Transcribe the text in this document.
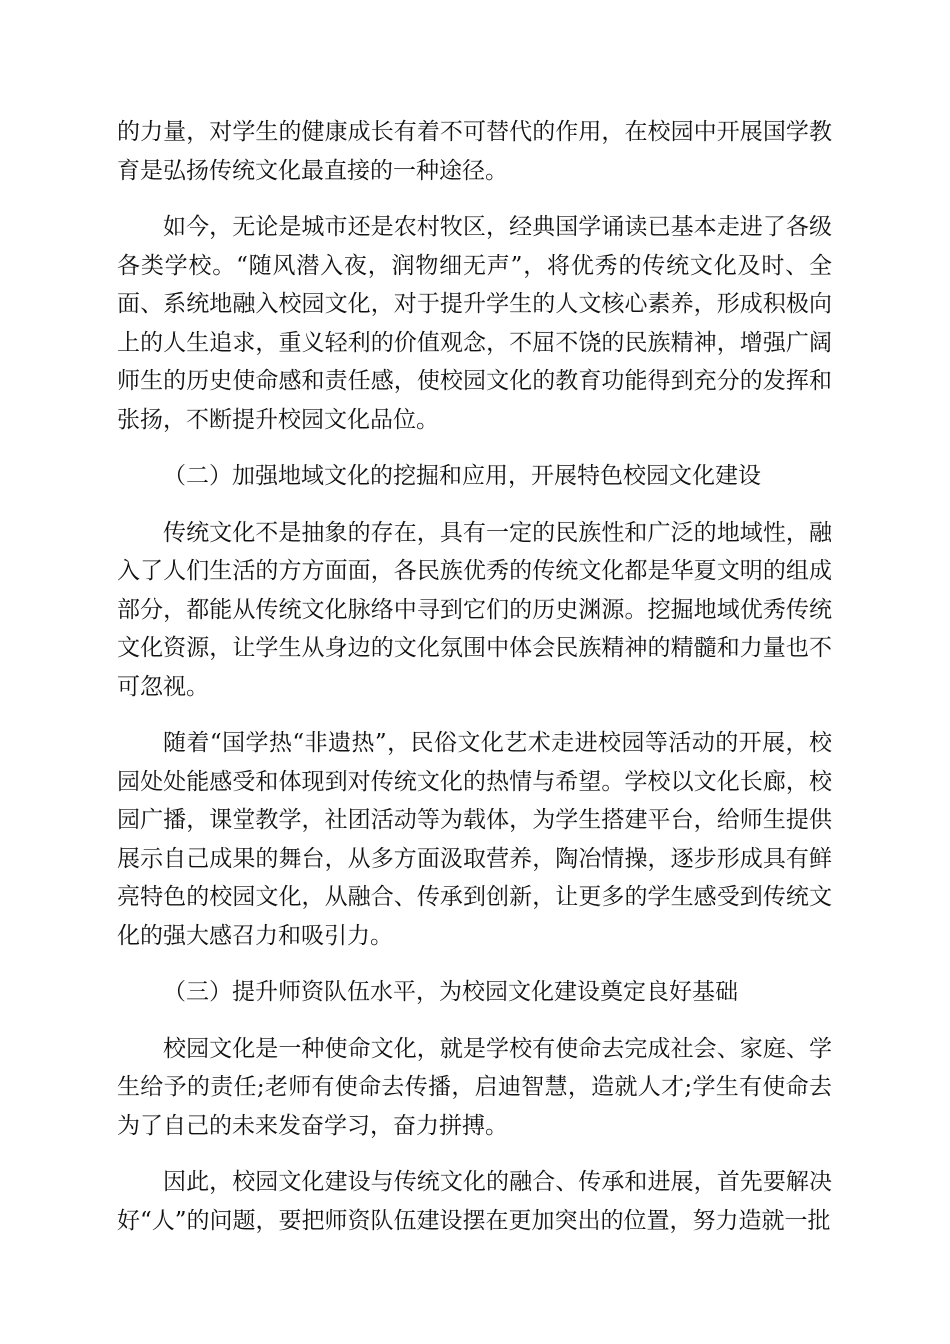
的力量，对学生的健康成长有着不可替代的作用，在校园中开展国学教育是弘扬传统文化最直接的一种途径。

如今，无论是城市还是农村牧区，经典国学诵读已基本走进了各级各类学校。“随风潜入夜，润物细无声”，将优秀的传统文化及时、全面、系统地融入校园文化，对于提升学生的人文核心素养，形成积极向上的人生追求，重义轻利的价值观念，不屈不饶的民族精神，增强广阔师生的历史使命感和责任感，使校园文化的教育功能得到充分的发挥和张扬，不断提升校园文化品位。

（二）加强地域文化的挖掘和应用，开展特色校园文化建设

传统文化不是抽象的存在，具有一定的民族性和广泛的地域性，融入了人们生活的方方面面，各民族优秀的传统文化都是华夏文明的组成部分，都能从传统文化脉络中寻到它们的历史渊源。挖掘地域优秀传统文化资源，让学生从身边的文化氛围中体会民族精神的精髓和力量也不可忽视。

随着“国学热“非遗热”，民俗文化艺术走进校园等活动的开展，校园处处能感受和体现到对传统文化的热情与希望。学校以文化长廊，校园广播，课堂教学，社团活动等为载体，为学生搭建平台，给师生提供展示自己成果的舞台，从多方面汲取营养，陶冶情操，逐步形成具有鲜亮特色的校园文化，从融合、传承到创新，让更多的学生感受到传统文化的强大感召力和吸引力。

（三）提升师资队伍水平，为校园文化建设奠定良好基础

校园文化是一种使命文化，就是学校有使命去完成社会、家庭、学生给予的责任;老师有使命去传播，启迪智慧，造就人才;学生有使命去为了自己的未来发奋学习，奋力拼搏。

因此，校园文化建设与传统文化的融合、传承和进展，首先要解决好“人”的问题，要把师资队伍建设摆在更加突出的位置，努力造就一批
